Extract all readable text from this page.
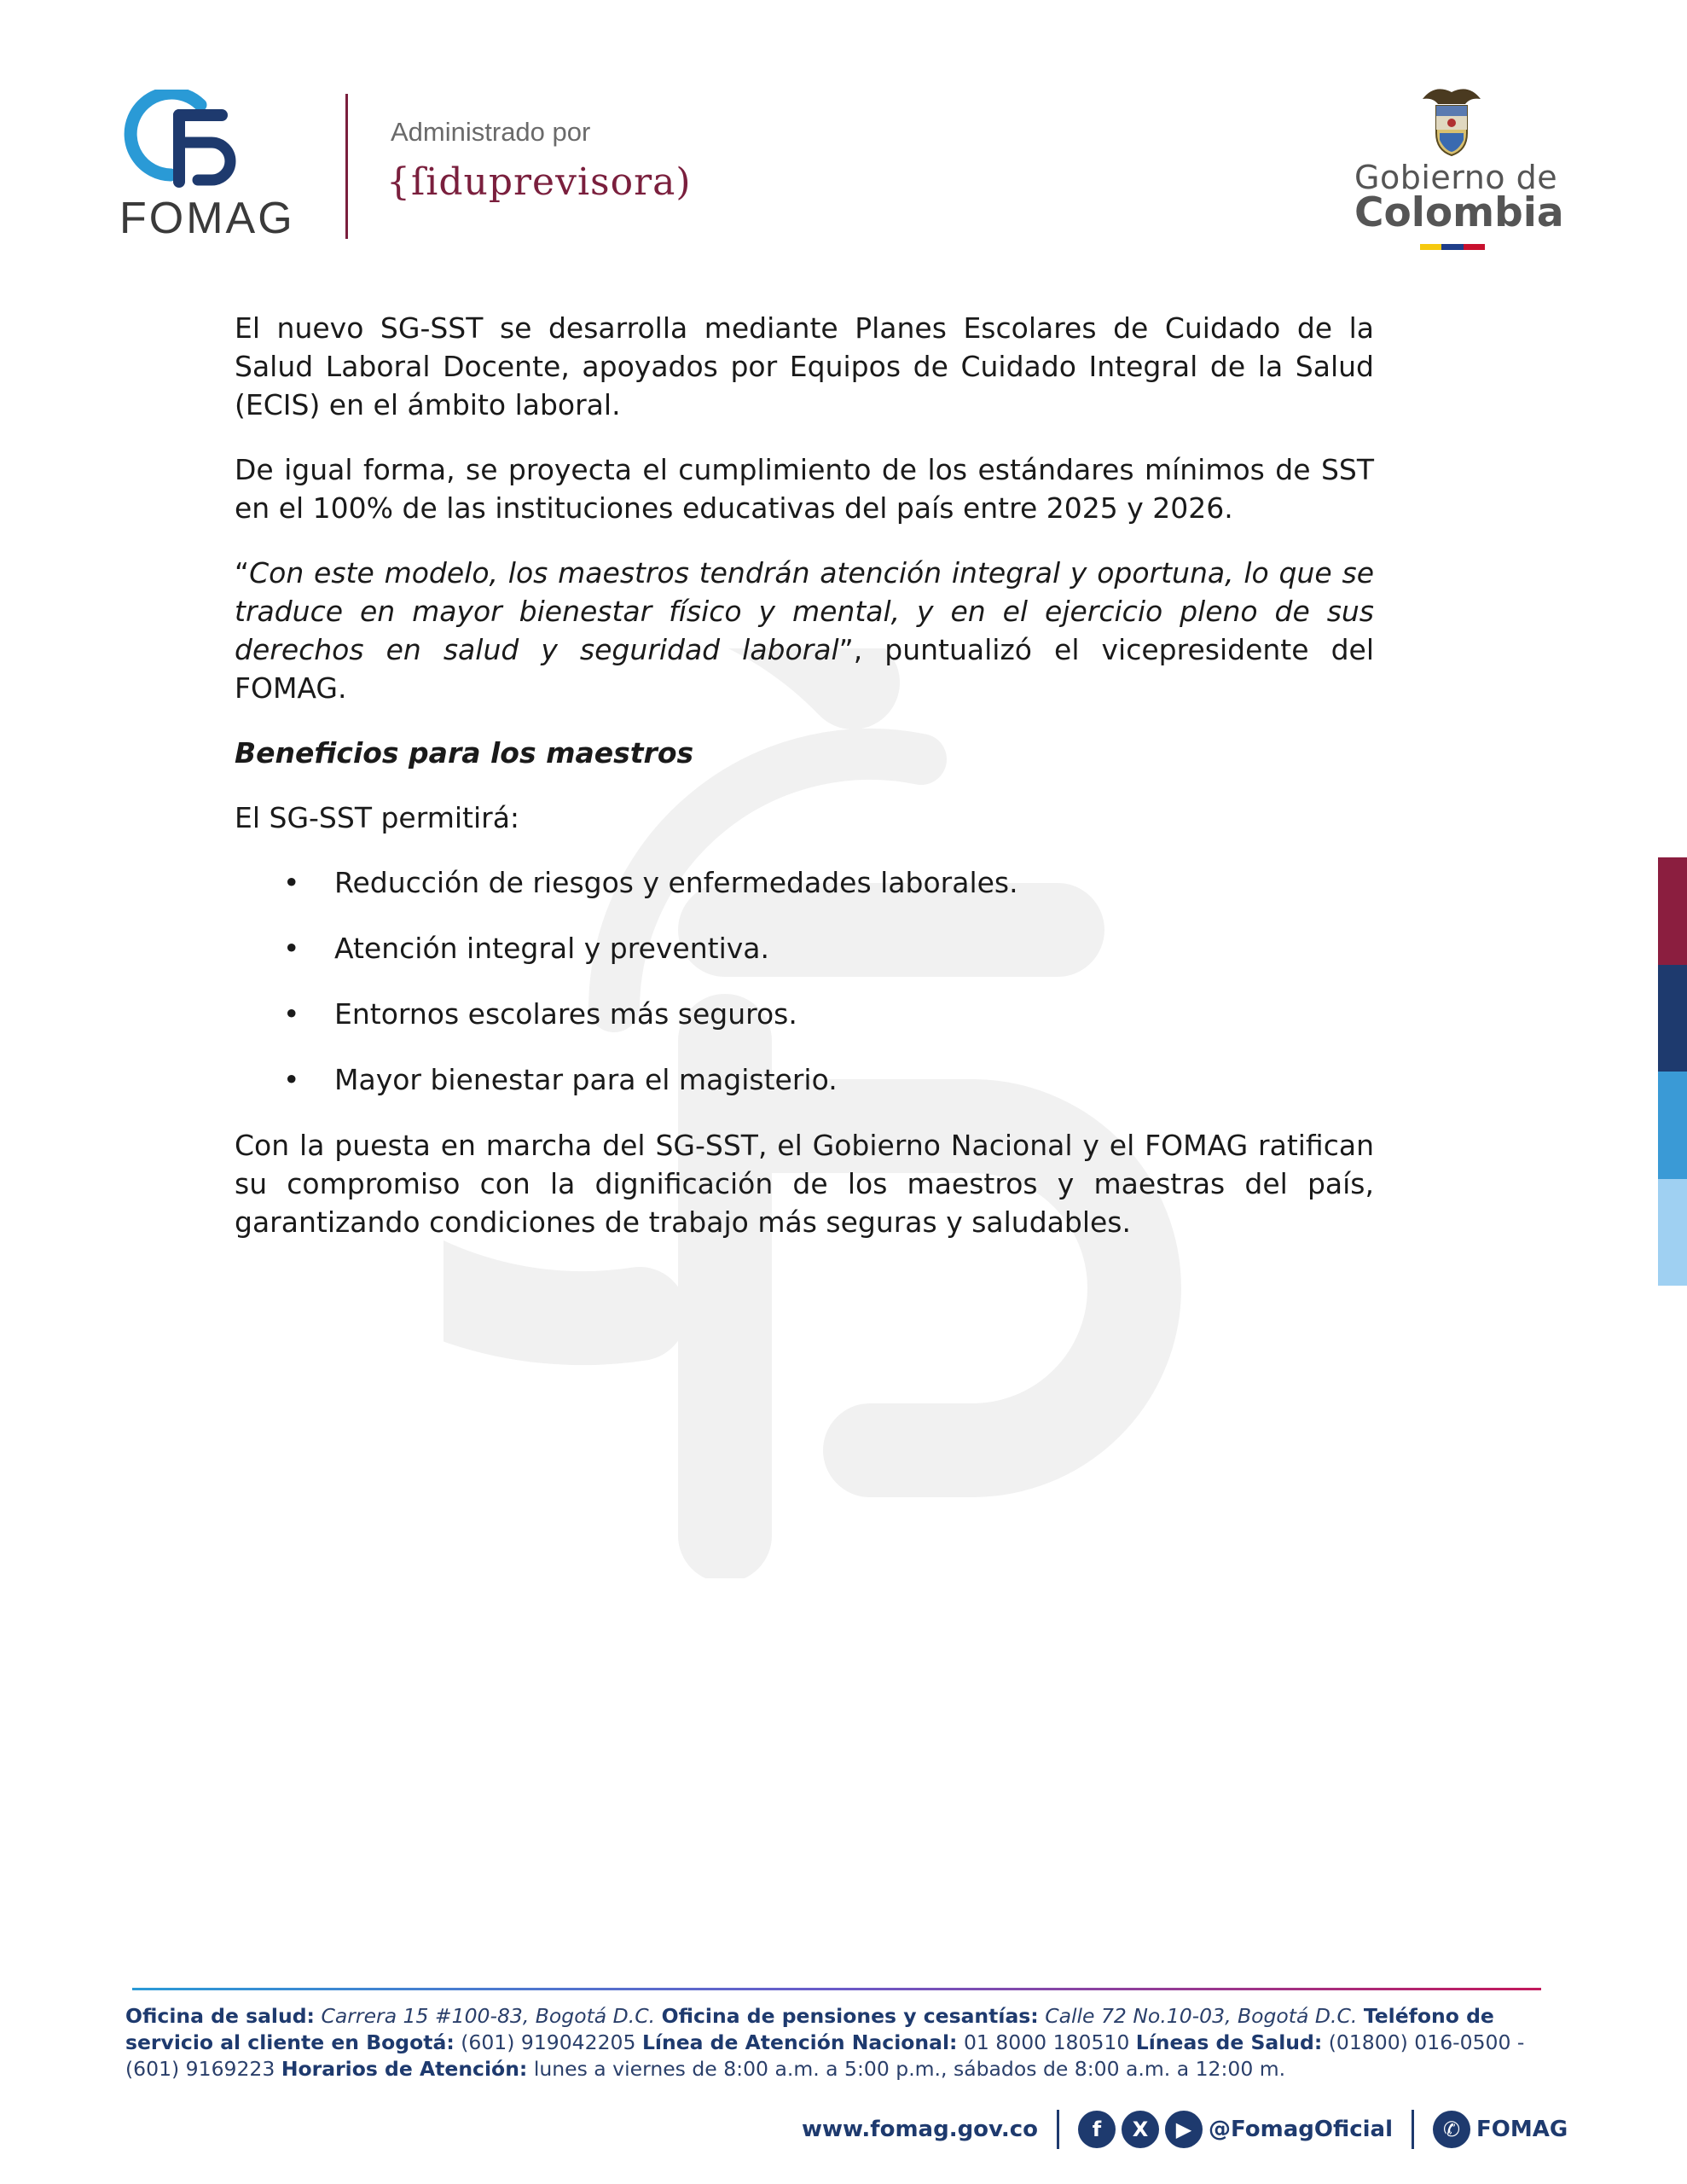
FOMAG
Administrado por
{ſiduprevisora)	Gobierno de
Colombia

El nuevo SG-SST se desarrolla mediante Planes Escolares de Cuidado de la Salud Laboral Docente, apoyados por Equipos de Cuidado Integral de la Salud (ECIS) en el ámbito laboral.

De igual forma, se proyecta el cumplimiento de los estándares mínimos de SST en el 100% de las instituciones educativas del país entre 2025 y 2026.

“Con este modelo, los maestros tendrán atención integral y oportuna, lo que se traduce en mayor bienestar físico y mental, y en el ejercicio pleno de sus derechos en salud y seguridad laboral”, puntualizó el vicepresidente del FOMAG.

Beneficios para los maestros

El SG-SST permitirá:

• Reducción de riesgos y enfermedades laborales.
• Atención integral y preventiva.
• Entornos escolares más seguros.
• Mayor bienestar para el magisterio.

Con la puesta en marcha del SG-SST, el Gobierno Nacional y el FOMAG ratifican su compromiso con la dignificación de los maestros y maestras del país, garantizando condiciones de trabajo más seguras y saludables.

Oficina de salud: Carrera 15 #100-83, Bogotá D.C. Oficina de pensiones y cesantías: Calle 72 No.10-03, Bogotá D.C. Teléfono de servicio al cliente en Bogotá: (601) 919042205 Línea de Atención Nacional: 01 8000 180510 Líneas de Salud: (01800) 016-0500 - (601) 9169223 Horarios de Atención: lunes a viernes de 8:00 a.m. a 5:00 p.m., sábados de 8:00 a.m. a 12:00 m.
www.fomag.gov.co	f	X	▶ @FomagOficial	✆ FOMAG
